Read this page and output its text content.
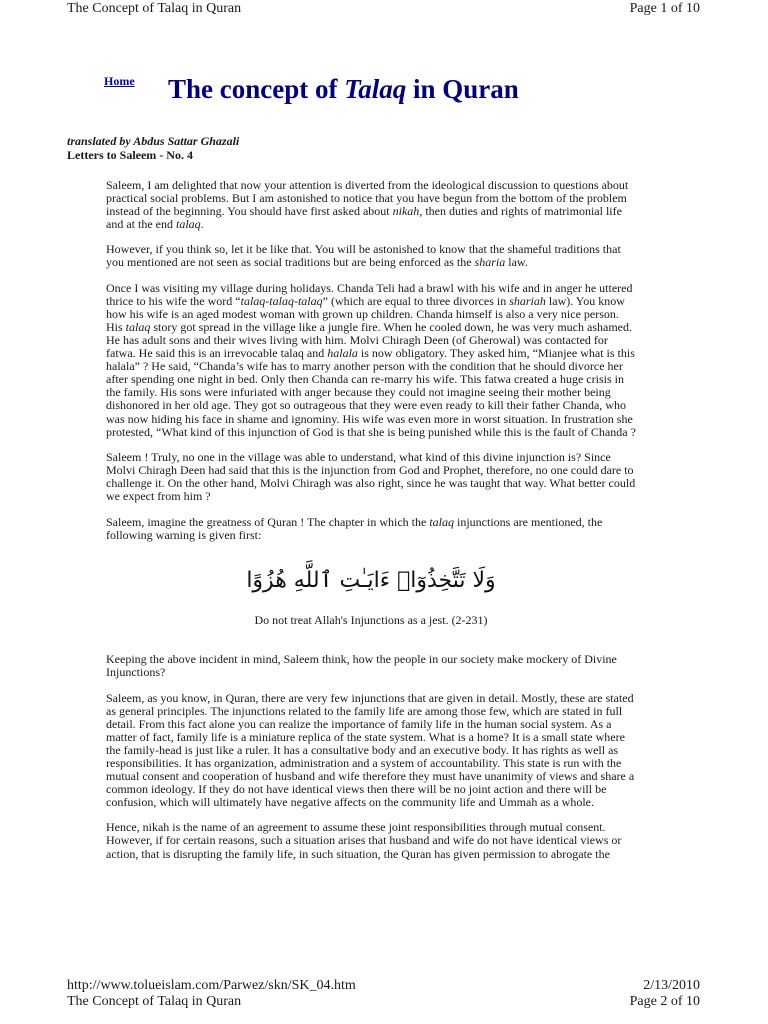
The Concept of Talaq in Quran	Page 1 of 10
Home The concept of Talaq in Quran
translated by Abdus Sattar Ghazali
Letters to Saleem - No. 4

Saleem, I am delighted that now your attention is diverted from the ideological discussion to questions about practical social problems. But I am astonished to notice that you have begun from the bottom of the problem instead of the beginning. You should have first asked about nikah, then duties and rights of matrimonial life and at the end talaq.

However, if you think so, let it be like that. You will be astonished to know that the shameful traditions that you mentioned are not seen as social traditions but are being enforced as the sharia law.

Once I was visiting my village during holidays. Chanda Teli had a brawl with his wife and in anger he uttered thrice to his wife the word “talaq-talaq-talaq” (which are equal to three divorces in shariah law). You know how his wife is an aged modest woman with grown up children. Chanda himself is also a very nice person. His talaq story got spread in the village like a jungle fire. When he cooled down, he was very much ashamed. He has adult sons and their wives living with him. Molvi Chiragh Deen (of Gherowal) was contacted for fatwa. He said this is an irrevocable talaq and halala is now obligatory. They asked him, “Mianjee what is this halala” ? He said, “Chanda’s wife has to marry another person with the condition that he should divorce her after spending one night in bed. Only then Chanda can re-marry his wife. This fatwa created a huge crisis in the family. His sons were infuriated with anger because they could not imagine seeing their mother being dishonored in her old age. They got so outrageous that they were even ready to kill their father Chanda, who was now hiding his face in shame and ignominy. His wife was even more in worst situation. In frustration she protested, “What kind of this injunction of God is that she is being punished while this is the fault of Chanda ?

Saleem ! Truly, no one in the village was able to understand, what kind of this divine injunction is? Since Molvi Chiragh Deen had said that this is the injunction from God and Prophet, therefore, no one could dare to challenge it. On the other hand, Molvi Chiragh was also right, since he was taught that way. What better could we expect from him ?

Saleem, imagine the greatness of Quran ! The chapter in which the talaq injunctions are mentioned, the following warning is given first:

وَلَا تَتَّخِذُوٓا۟ ءَايَـٰتِ ٱللَّهِ هُزُوًا

Do not treat Allah's Injunctions as a jest. (2-231)

Keeping the above incident in mind, Saleem think, how the people in our society make mockery of Divine Injunctions?

Saleem, as you know, in Quran, there are very few injunctions that are given in detail. Mostly, these are stated as general principles. The injunctions related to the family life are among those few, which are stated in full detail. From this fact alone you can realize the importance of family life in the human social system. As a matter of fact, family life is a miniature replica of the state system. What is a home? It is a small state where the family-head is just like a ruler. It has a consultative body and an executive body. It has rights as well as responsibilities. It has organization, administration and a system of accountability. This state is run with the mutual consent and cooperation of husband and wife therefore they must have unanimity of views and share a common ideology. If they do not have identical views then there will be no joint action and there will be confusion, which will ultimately have negative affects on the community life and Ummah as a whole.

Hence, nikah is the name of an agreement to assume these joint responsibilities through mutual consent. However, if for certain reasons, such a situation arises that husband and wife do not have identical views or action, that is disrupting the family life, in such situation, the Quran has given permission to abrogate the

http://www.tolueislam.com/Parwez/skn/SK_04.htm	2/13/2010
The Concept of Talaq in Quran	Page 2 of 10
